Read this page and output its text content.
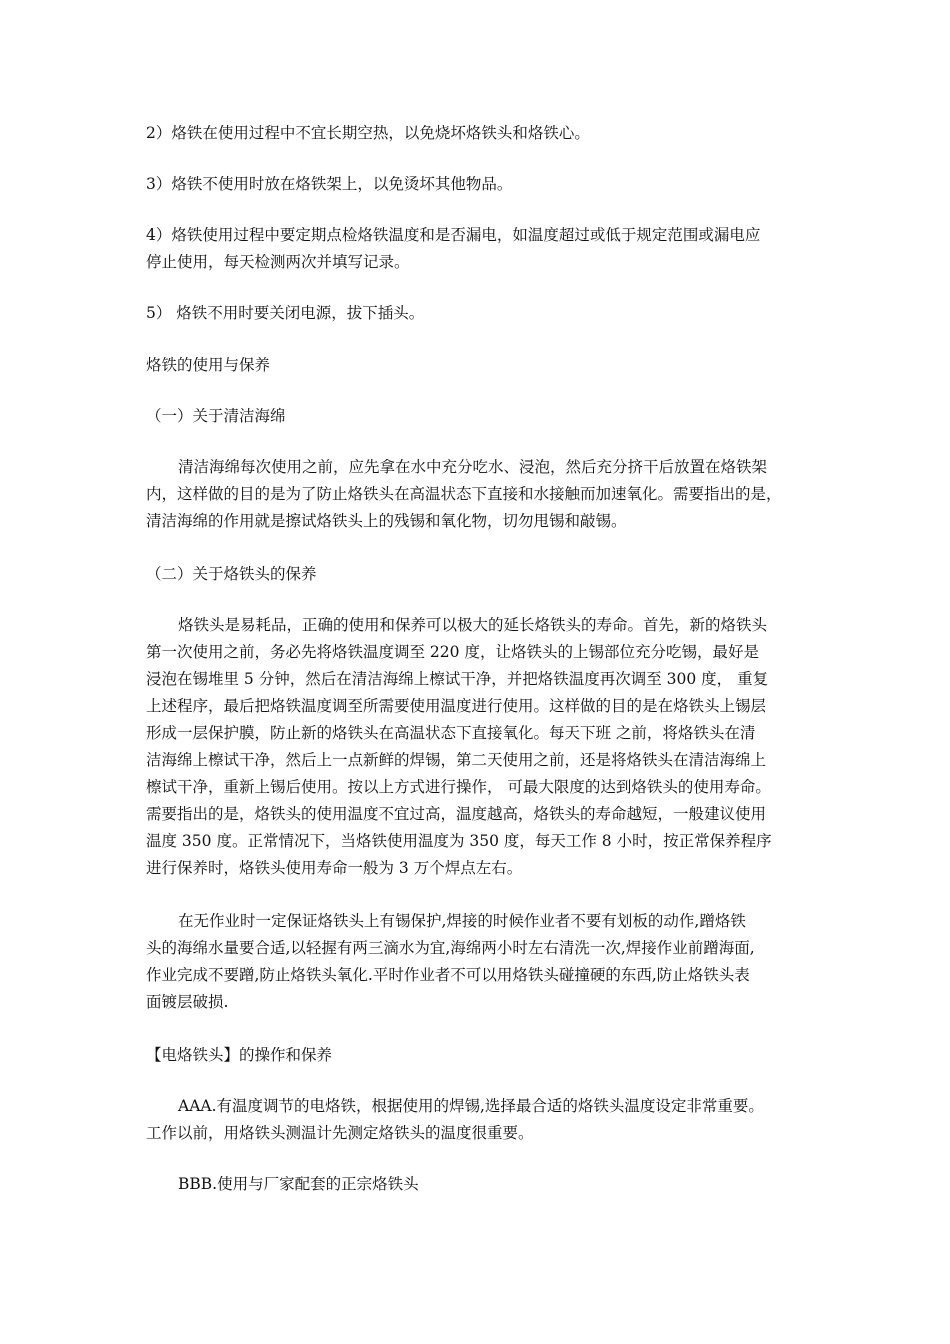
2）烙铁在使用过程中不宜长期空热，以免烧坏烙铁头和烙铁心。
3）烙铁不使用时放在烙铁架上，以免烫坏其他物品。
4）烙铁使用过程中要定期点检烙铁温度和是否漏电，如温度超过或低于规定范围或漏电应
停止使用，每天检测两次并填写记录。
5） 烙铁不用时要关闭电源，拔下插头。
烙铁的使用与保养
（一）关于清洁海绵
清洁海绵每次使用之前，应先拿在水中充分吃水、浸泡，然后充分挤干后放置在烙铁架
内，这样做的目的是为了防止烙铁头在高温状态下直接和水接触而加速氧化。需要指出的是，
清洁海绵的作用就是擦试烙铁头上的残锡和氧化物，切勿甩锡和敲锡。
（二）关于烙铁头的保养
烙铁头是易耗品，正确的使用和保养可以极大的延长烙铁头的寿命。首先，新的烙铁头
第一次使用之前，务必先将烙铁温度调至 220 度，让烙铁头的上锡部位充分吃锡，最好是
浸泡在锡堆里 5 分钟，然后在清洁海绵上檫试干净，并把烙铁温度再次调至 300 度， 重复
上述程序，最后把烙铁温度调至所需要使用温度进行使用。这样做的目的是在烙铁头上锡层
形成一层保护膜，防止新的烙铁头在高温状态下直接氧化。每天下班 之前，将烙铁头在清
洁海绵上檫试干净，然后上一点新鲜的焊锡，第二天使用之前，还是将烙铁头在清洁海绵上
檫试干净，重新上锡后使用。按以上方式进行操作， 可最大限度的达到烙铁头的使用寿命。
需要指出的是，烙铁头的使用温度不宜过高，温度越高，烙铁头的寿命越短，一般建议使用
温度 350 度。正常情况下，当烙铁使用温度为 350 度，每天工作 8 小时，按正常保养程序
进行保养时，烙铁头使用寿命一般为 3 万个焊点左右。
在无作业时一定保证烙铁头上有锡保护,焊接的时候作业者不要有划板的动作,蹭烙铁
头的海绵水量要合适,以轻握有两三滴水为宜,海绵两小时左右清洗一次,焊接作业前蹭海面,
作业完成不要蹭,防止烙铁头氧化.平时作业者不可以用烙铁头碰撞硬的东西,防止烙铁头表
面镀层破损.
【电烙铁头】的操作和保养
AAA.有温度调节的电烙铁，根据使用的焊锡,选择最合适的烙铁头温度设定非常重要。
工作以前，用烙铁头测温计先测定烙铁头的温度很重要。
BBB.使用与厂家配套的正宗烙铁头
